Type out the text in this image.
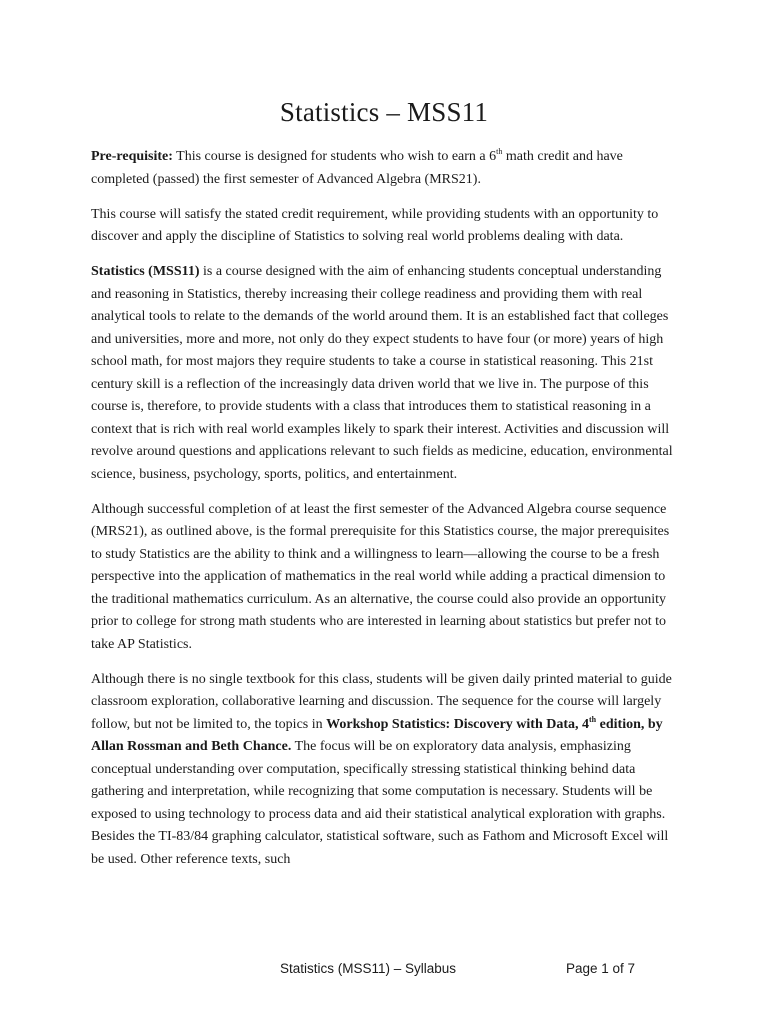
Statistics – MSS11

Pre-requisite: This course is designed for students who wish to earn a 6th math credit and have completed (passed) the first semester of Advanced Algebra (MRS21).

This course will satisfy the stated credit requirement, while providing students with an opportunity to discover and apply the discipline of Statistics to solving real world problems dealing with data.

Statistics (MSS11) is a course designed with the aim of enhancing students conceptual understanding and reasoning in Statistics, thereby increasing their college readiness and providing them with real analytical tools to relate to the demands of the world around them. It is an established fact that colleges and universities, more and more, not only do they expect students to have four (or more) years of high school math, for most majors they require students to take a course in statistical reasoning. This 21st century skill is a reflection of the increasingly data driven world that we live in. The purpose of this course is, therefore, to provide students with a class that introduces them to statistical reasoning in a context that is rich with real world examples likely to spark their interest. Activities and discussion will revolve around questions and applications relevant to such fields as medicine, education, environmental science, business, psychology, sports, politics, and entertainment.

Although successful completion of at least the first semester of the Advanced Algebra course sequence (MRS21), as outlined above, is the formal prerequisite for this Statistics course, the major prerequisites to study Statistics are the ability to think and a willingness to learn—allowing the course to be a fresh perspective into the application of mathematics in the real world while adding a practical dimension to the traditional mathematics curriculum. As an alternative, the course could also provide an opportunity prior to college for strong math students who are interested in learning about statistics but prefer not to take AP Statistics.

Although there is no single textbook for this class, students will be given daily printed material to guide classroom exploration, collaborative learning and discussion. The sequence for the course will largely follow, but not be limited to, the topics in Workshop Statistics: Discovery with Data, 4th edition, by Allan Rossman and Beth Chance. The focus will be on exploratory data analysis, emphasizing conceptual understanding over computation, specifically stressing statistical thinking behind data gathering and interpretation, while recognizing that some computation is necessary. Students will be exposed to using technology to process data and aid their statistical analytical exploration with graphs. Besides the TI-83/84 graphing calculator, statistical software, such as Fathom and Microsoft Excel will be used. Other reference texts, such

Statistics (MSS11) – Syllabus	Page 1 of 7
